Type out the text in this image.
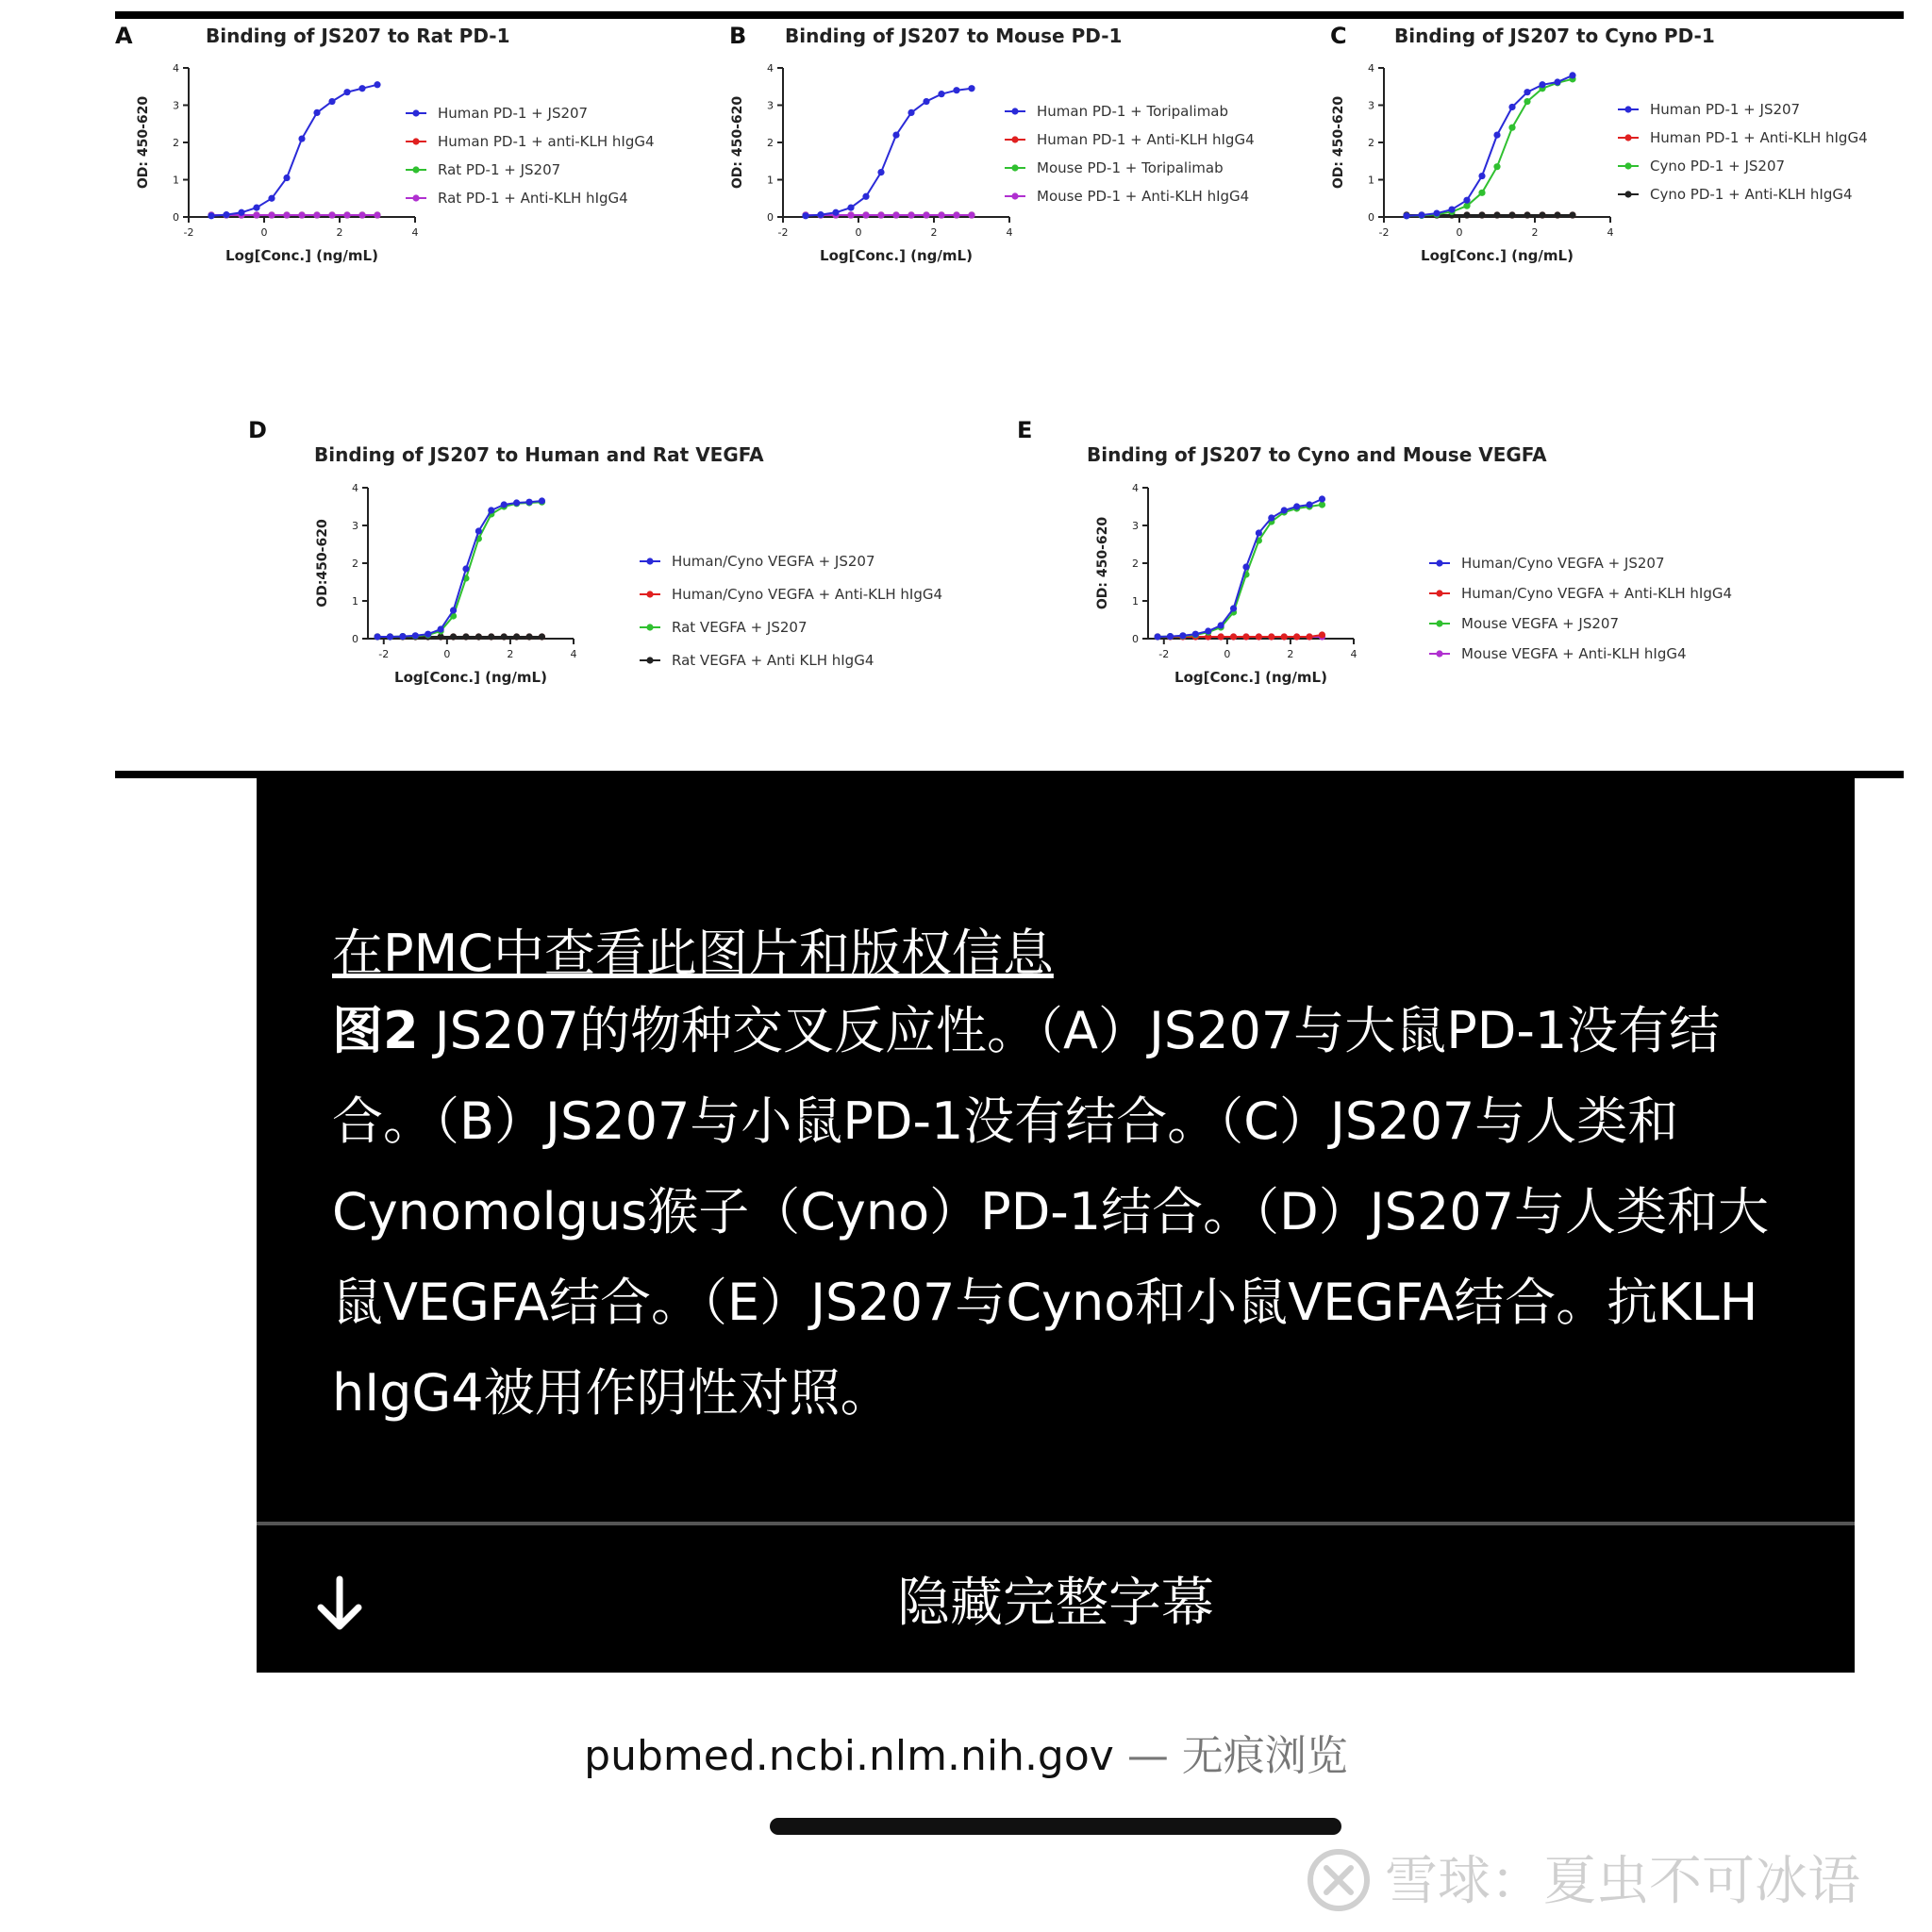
A	Binding of JS207 to Rat PD-1	B Binding of JS207 to Mouse PD-1	C	Binding of JS207 to Cyno PD-1
D
Binding of JS207 to Human and Rat VEGFA
E
Binding of JS207 to Cyno and Mouse VEGFA
0
1
2
3
4
-2	0	2	4
Log[Conc.] (ng/mL)
OD: 450-620	Human PD-1 + JS207
Human PD-1 + anti-KLH hIgG4
Rat PD-1 + JS207
Rat PD-1 + Anti-KLH hIgG4
0
1
2
3
4
-2	0	2	4
Log[Conc.] (ng/mL)
OD: 450-620	Human PD-1 + Toripalimab
Human PD-1 + Anti-KLH hIgG4
Mouse PD-1 + Toripalimab
Mouse PD-1 + Anti-KLH hIgG4
0
1
2
3
4
-2	0	2	4
Log[Conc.] (ng/mL)
OD: 450-620	Human PD-1 + JS207
Human PD-1 + Anti-KLH hIgG4
Cyno PD-1 + JS207
Cyno PD-1 + Anti-KLH hIgG4
0
1
2
3
4
-2	0	2	4
Log[Conc.] (ng/mL)
OD:450-620	Human/Cyno VEGFA + JS207
Human/Cyno VEGFA + Anti-KLH hIgG4
Rat VEGFA + JS207
Rat VEGFA + Anti KLH hIgG4
0
1
2
3
4
-2	0	2	4
Log[Conc.] (ng/mL)
OD: 450-620	Human/Cyno VEGFA + JS207
Human/Cyno VEGFA + Anti-KLH hIgG4
Mouse VEGFA + JS207
Mouse VEGFA + Anti-KLH hIgG4
在PMC中查看此图片和版权信息
图2 JS207的物种交叉反应性。（A）JS207与大鼠PD-1没有结合。（B）JS207与小鼠PD-1没有结合。（C）JS207与人类和Cynomolgus猴子（Cyno）PD-1结合。（D）JS207与人类和大鼠VEGFA结合。（E）JS207与Cyno和小鼠VEGFA结合。抗KLH hIgG4被用作阴性对照。
隐藏完整字幕
pubmed.ncbi.nlm.nih.gov — 无痕浏览
雪球：夏虫不可冰语
